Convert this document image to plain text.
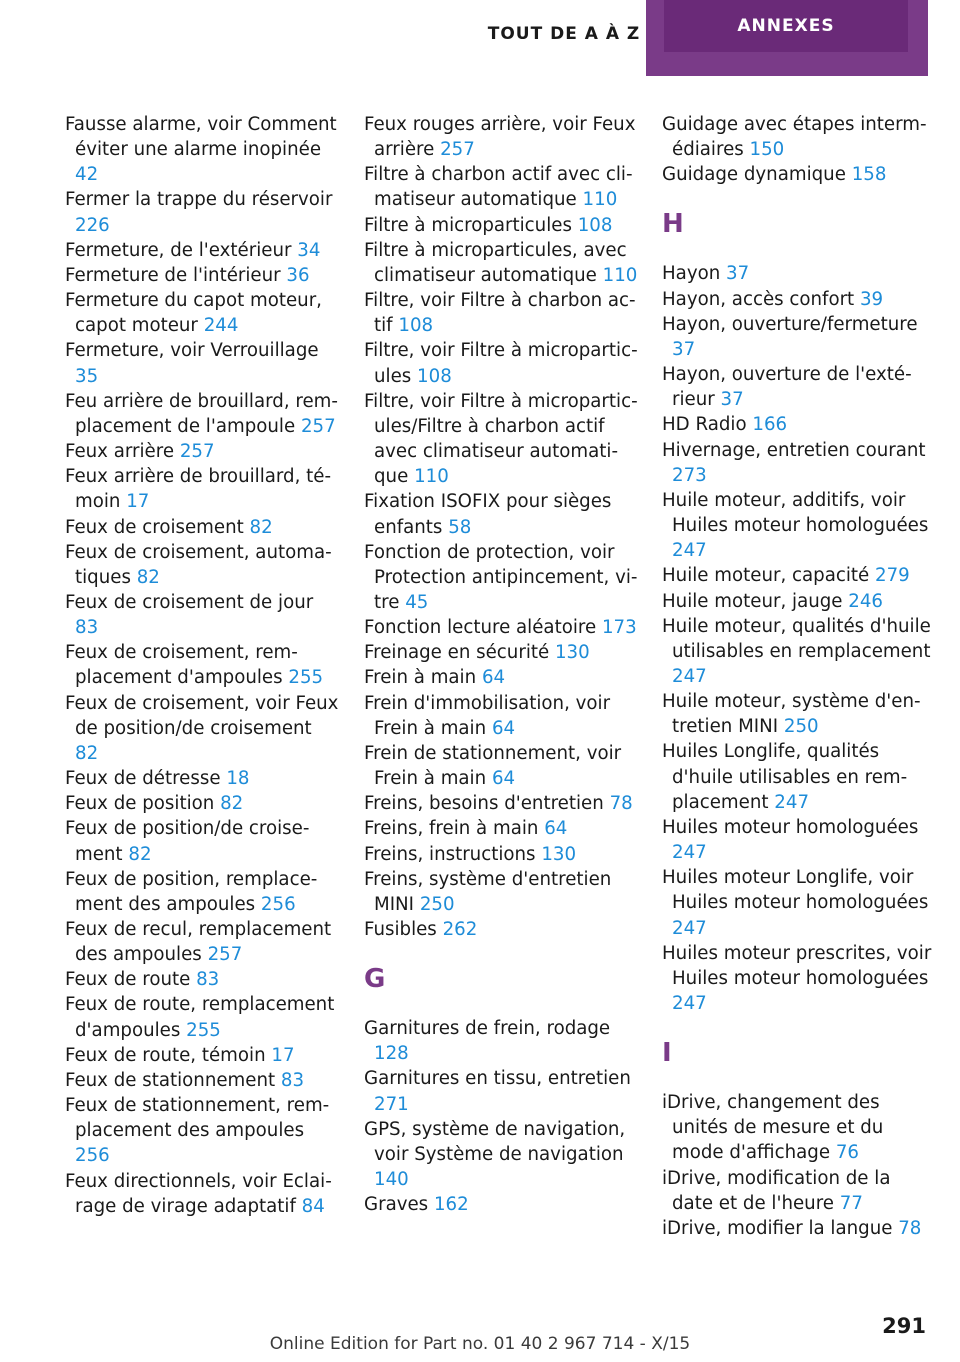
TOUT DE A À Z	ANNEXES

Fausse alarme, voir Comment éviter une alarme inopinée 42

Fermer la trappe du réservoir 226

Fermeture, de l'extérieur 34

Fermeture de l'intérieur 36

Fermeture du capot moteur, capot moteur 244

Fermeture, voir Verrouillage 35

Feu arrière de brouillard, remplacement de l'ampoule 257

Feux arrière 257

Feux arrière de brouillard, témoin 17

Feux de croisement 82

Feux de croisement, automatiques 82

Feux de croisement de jour 83

Feux de croisement, remplacement d'ampoules 255

Feux de croisement, voir Feux de position/de croisement 82

Feux de détresse 18

Feux de position 82

Feux de position/de croisement 82

Feux de position, remplacement des ampoules 256

Feux de recul, remplacement des ampoules 257

Feux de route 83

Feux de route, remplacement d'ampoules 255

Feux de route, témoin 17

Feux de stationnement 83

Feux de stationnement, remplacement des ampoules 256

Feux directionnels, voir Eclairage de virage adaptatif 84

Feux rouges arrière, voir Feux arrière 257

Filtre à charbon actif avec climatiseur automatique 110

Filtre à microparticules 108

Filtre à microparticules, avec climatiseur automatique 110

Filtre, voir Filtre à charbon actif 108

Filtre, voir Filtre à microparticules 108

Filtre, voir Filtre à microparticules/Filtre à charbon actif avec climatiseur automatique 110

Fixation ISOFIX pour sièges enfants 58

Fonction de protection, voir Protection antipincement, vitre 45

Fonction lecture aléatoire 173

Freinage en sécurité 130

Frein à main 64

Frein d'immobilisation, voir Frein à main 64

Frein de stationnement, voir Frein à main 64

Freins, besoins d'entretien 78

Freins, frein à main 64

Freins, instructions 130

Freins, système d'entretien MINI 250

Fusibles 262

G

Garnitures de frein, rodage 128

Garnitures en tissu, entretien 271

GPS, système de navigation, voir Système de navigation 140

Graves 162

Guidage avec étapes intermédiaires 150

Guidage dynamique 158

H

Hayon 37

Hayon, accès confort 39

Hayon, ouverture/fermeture 37

Hayon, ouverture de l'extérieur 37

HD Radio 166

Hivernage, entretien courant 273

Huile moteur, additifs, voir Huiles moteur homologuées 247

Huile moteur, capacité 279

Huile moteur, jauge 246

Huile moteur, qualités d'huile utilisables en remplacement 247

Huile moteur, système d'entretien MINI 250

Huiles Longlife, qualités d'huile utilisables en remplacement 247

Huiles moteur homologuées 247

Huiles moteur Longlife, voir Huiles moteur homologuées 247

Huiles moteur prescrites, voir Huiles moteur homologuées 247

I

iDrive, changement des unités de mesure et du mode d'affichage 76

iDrive, modification de la date et de l'heure 77

iDrive, modifier la langue 78

291
Online Edition for Part no. 01 40 2 967 714 - X/15
